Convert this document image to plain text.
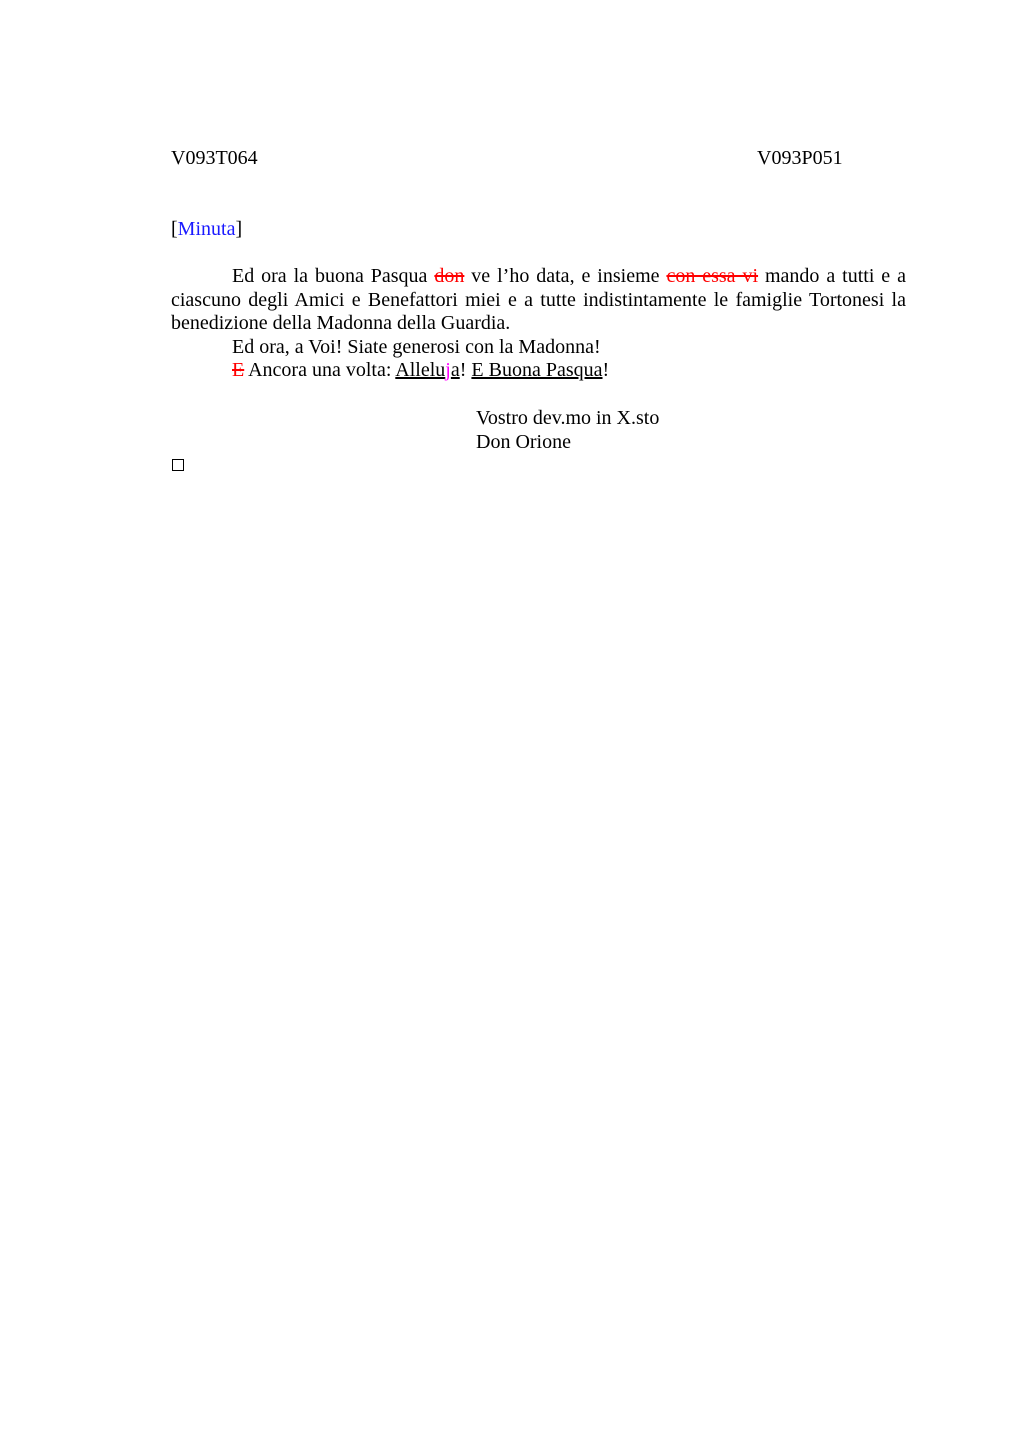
V093T064	V093P051
[Minuta]

Ed ora la buona Pasqua don ve l’ho data, e insieme con essa vi mando a tutti e a ciascuno degli Amici e Benefattori miei e a tutte indistintamente le famiglie Tortonesi la benedizione della Madonna della Guardia.

Ed ora, a Voi! Siate generosi con la Madonna!

E Ancora una volta: Alleluja! E Buona Pasqua!

Vostro dev.mo in X.sto
Don Orione
